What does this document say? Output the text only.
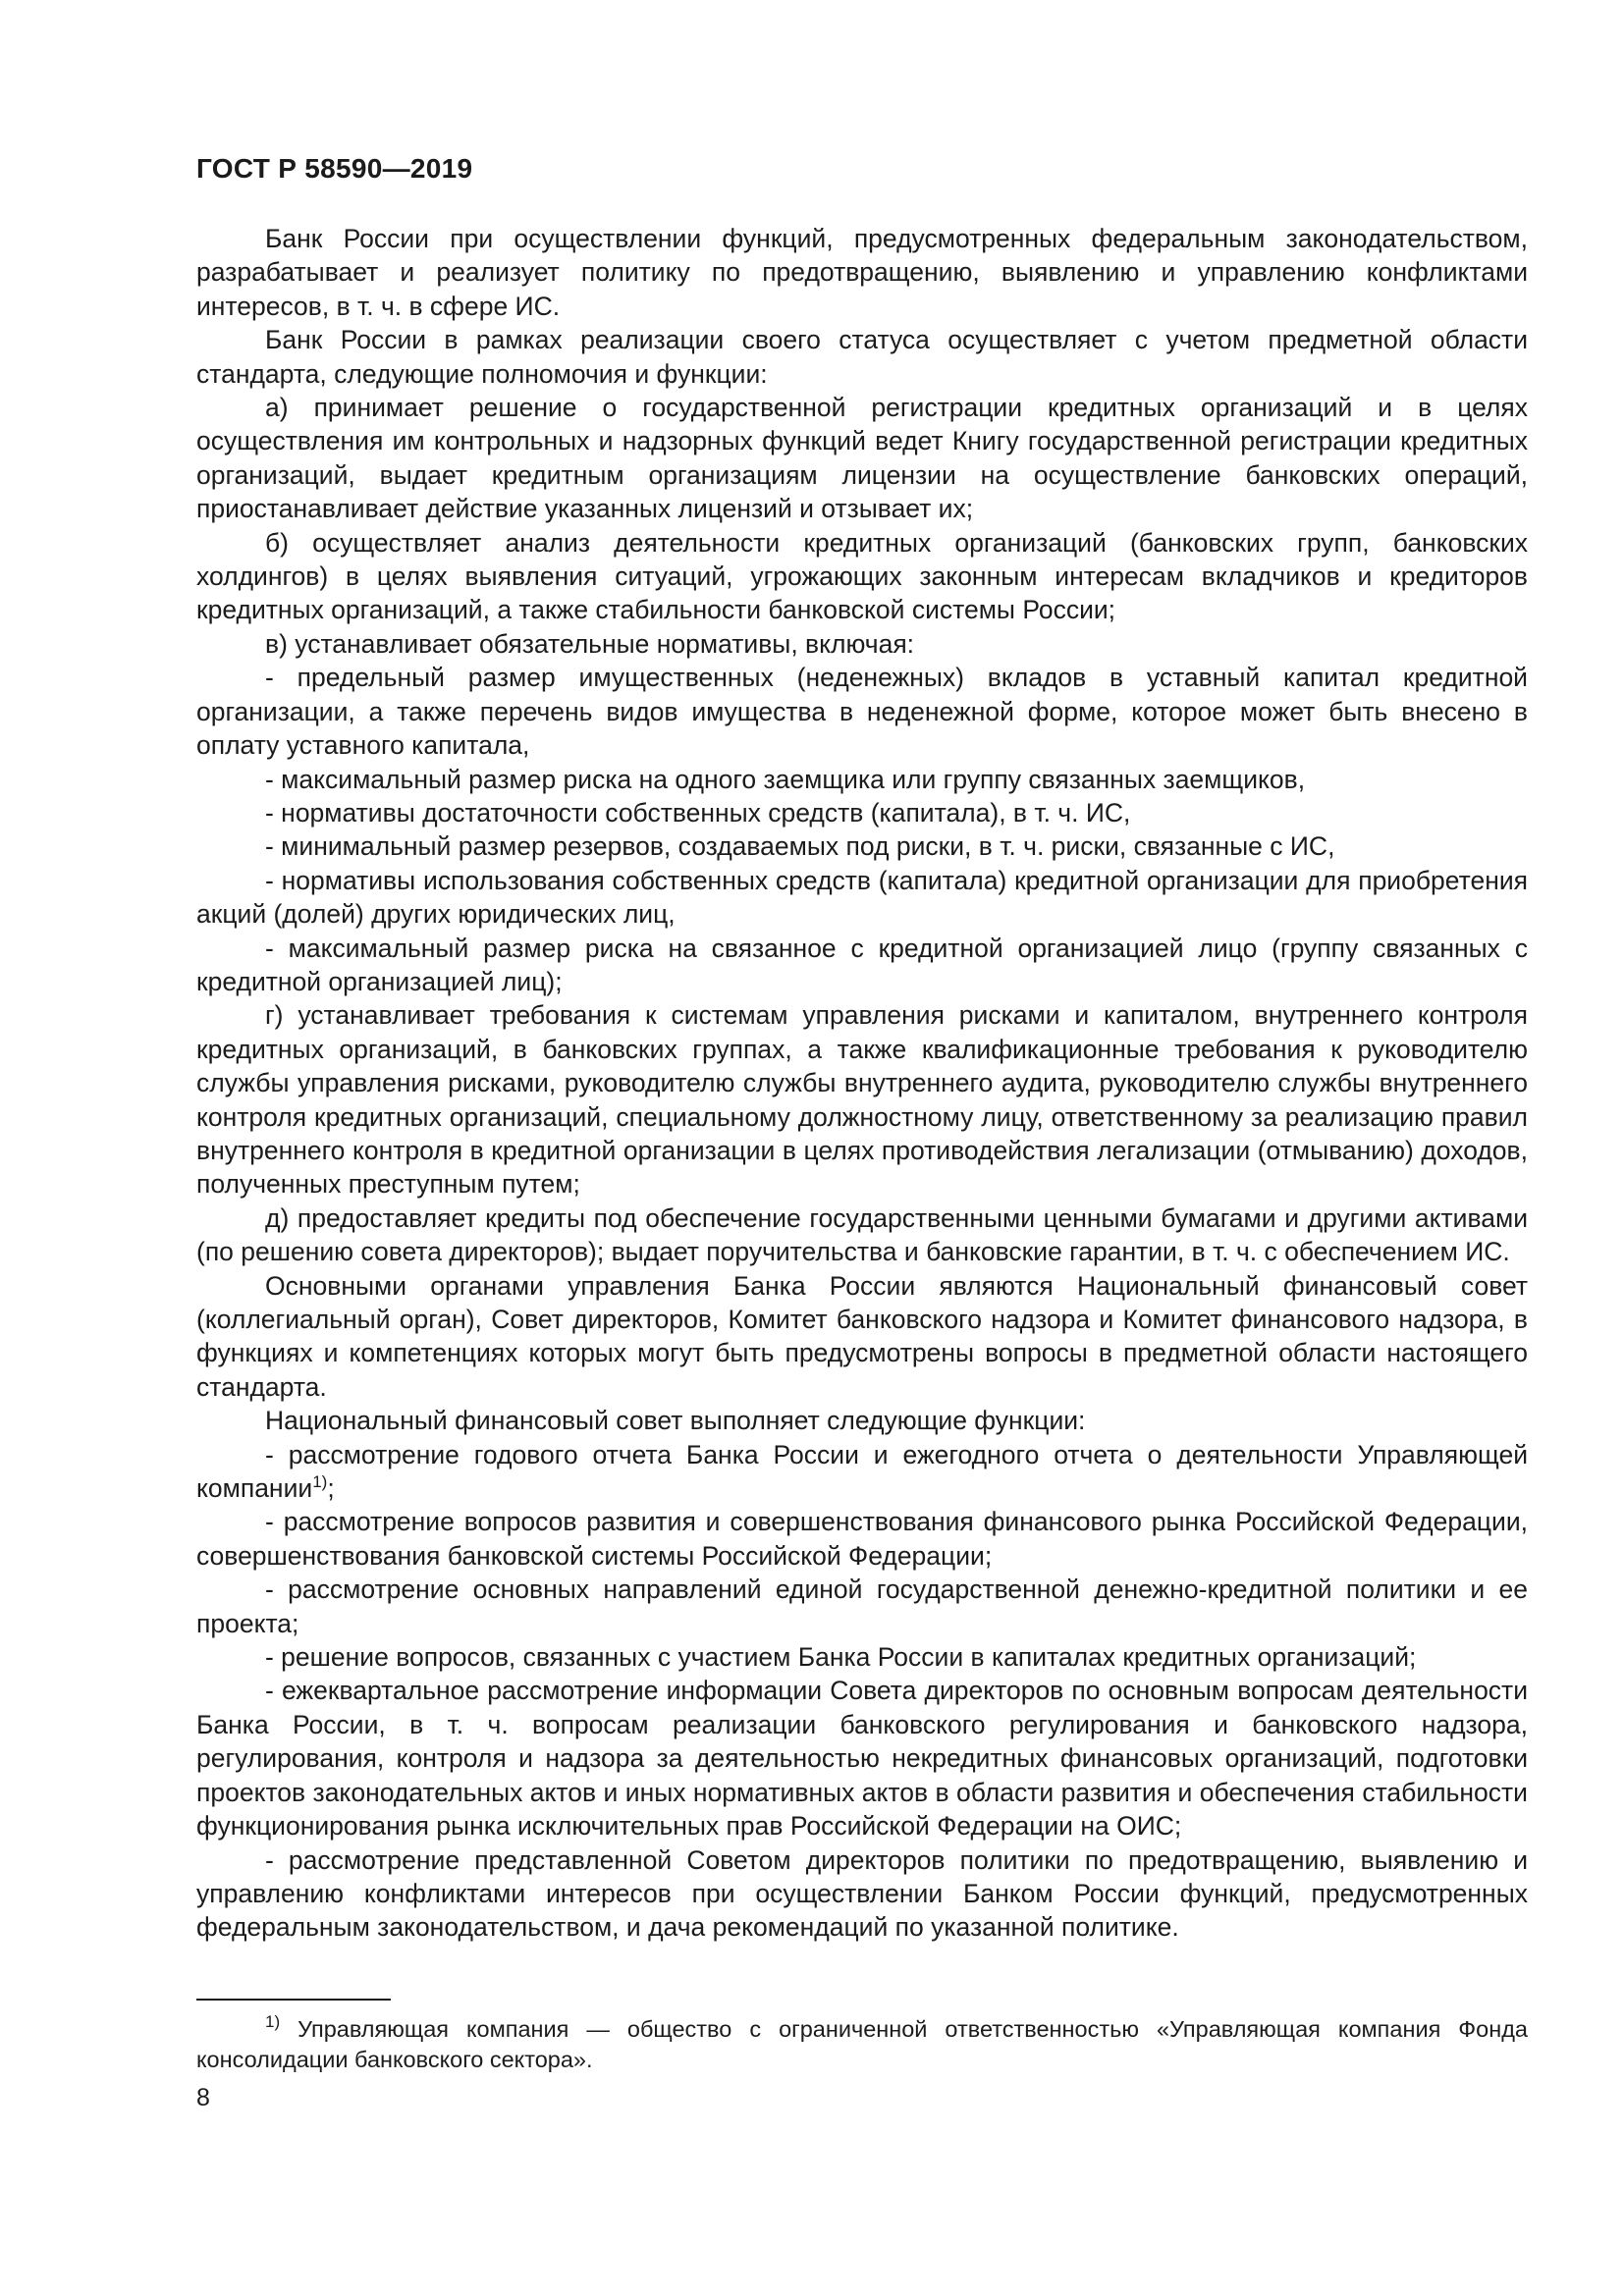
ГОСТ Р 58590—2019

Банк России при осуществлении функций, предусмотренных федеральным законодательством, разрабатывает и реализует политику по предотвращению, выявлению и управлению конфликтами интересов, в т. ч. в сфере ИС.

Банк России в рамках реализации своего статуса осуществляет с учетом предметной области стандарта, следующие полномочия и функции:

а) принимает решение о государственной регистрации кредитных организаций и в целях осуществления им контрольных и надзорных функций ведет Книгу государственной регистрации кредитных организаций, выдает кредитным организациям лицензии на осуществление банковских операций, приостанавливает действие указанных лицензий и отзывает их;

б) осуществляет анализ деятельности кредитных организаций (банковских групп, банковских холдингов) в целях выявления ситуаций, угрожающих законным интересам вкладчиков и кредиторов кредитных организаций, а также стабильности банковской системы России;

в) устанавливает обязательные нормативы, включая:

- предельный размер имущественных (неденежных) вкладов в уставный капитал кредитной организации, а также перечень видов имущества в неденежной форме, которое может быть внесено в оплату уставного капитала,

- максимальный размер риска на одного заемщика или группу связанных заемщиков,

- нормативы достаточности собственных средств (капитала), в т. ч. ИС,

- минимальный размер резервов, создаваемых под риски, в т. ч. риски, связанные с ИС,

- нормативы использования собственных средств (капитала) кредитной организации для приобретения акций (долей) других юридических лиц,

- максимальный размер риска на связанное с кредитной организацией лицо (группу связанных с кредитной организацией лиц);

г) устанавливает требования к системам управления рисками и капиталом, внутреннего контроля кредитных организаций, в банковских группах, а также квалификационные требования к руководителю службы управления рисками, руководителю службы внутреннего аудита, руководителю службы внутреннего контроля кредитных организаций, специальному должностному лицу, ответственному за реализацию правил внутреннего контроля в кредитной организации в целях противодействия легализации (отмыванию) доходов, полученных преступным путем;

д) предоставляет кредиты под обеспечение государственными ценными бумагами и другими активами (по решению совета директоров); выдает поручительства и банковские гарантии, в т. ч. с обеспечением ИС.

Основными органами управления Банка России являются Национальный финансовый совет (коллегиальный орган), Совет директоров, Комитет банковского надзора и Комитет финансового надзора, в функциях и компетенциях которых могут быть предусмотрены вопросы в предметной области настоящего стандарта.

Национальный финансовый совет выполняет следующие функции:

- рассмотрение годового отчета Банка России и ежегодного отчета о деятельности Управляющей компании$^{1)}$;

- рассмотрение вопросов развития и совершенствования финансового рынка Российской Федерации, совершенствования банковской системы Российской Федерации;

- рассмотрение основных направлений единой государственной денежно-кредитной политики и ее проекта;

- решение вопросов, связанных с участием Банка России в капиталах кредитных организаций;

- ежеквартальное рассмотрение информации Совета директоров по основным вопросам деятельности Банка России, в т. ч. вопросам реализации банковского регулирования и банковского надзора, регулирования, контроля и надзора за деятельностью некредитных финансовых организаций, подготовки проектов законодательных актов и иных нормативных актов в области развития и обеспечения стабильности функционирования рынка исключительных прав Российской Федерации на ОИС;

- рассмотрение представленной Советом директоров политики по предотвращению, выявлению и управлению конфликтами интересов при осуществлении Банком России функций, предусмотренных федеральным законодательством, и дача рекомендаций по указанной политике.

$^{1)}$ Управляющая компания — общество с ограниченной ответственностью «Управляющая компания Фонда консолидации банковского сектора».

8
